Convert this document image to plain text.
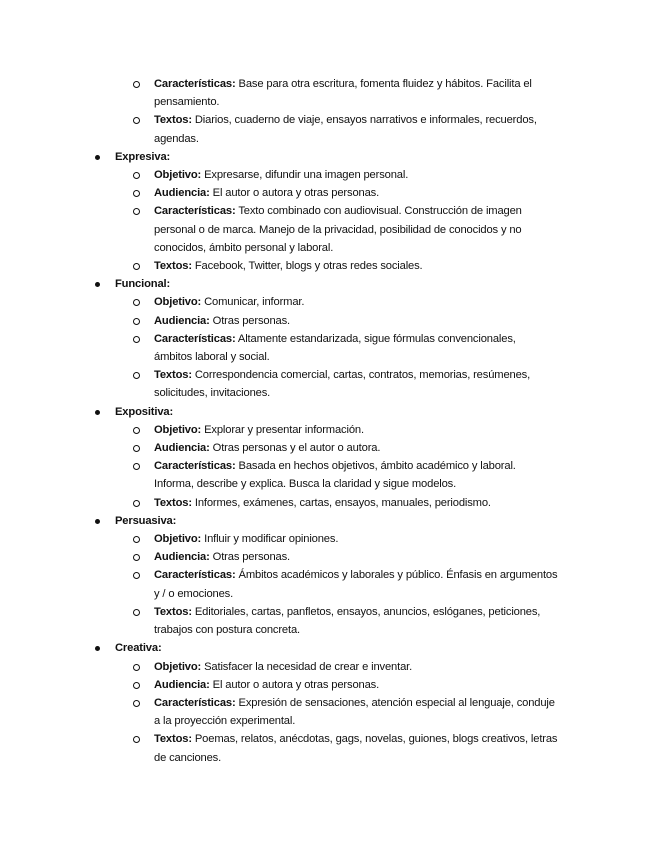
Características: Base para otra escritura, fomenta fluidez y hábitos. Facilita el
pensamiento.
Textos: Diarios, cuaderno de viaje, ensayos narrativos e informales, recuerdos,
agendas.
Expresiva:
Objetivo: Expresarse, difundir una imagen personal.
Audiencia: El autor o autora y otras personas.
Características: Texto combinado con audiovisual. Construcción de imagen
personal o de marca. Manejo de la privacidad, posibilidad de conocidos y no
conocidos, ámbito personal y laboral.
Textos: Facebook, Twitter, blogs y otras redes sociales.
Funcional:
Objetivo: Comunicar, informar.
Audiencia: Otras personas.
Características: Altamente estandarizada, sigue fórmulas convencionales,
ámbitos laboral y social.
Textos: Correspondencia comercial, cartas, contratos, memorias, resúmenes,
solicitudes, invitaciones.
Expositiva:
Objetivo: Explorar y presentar información.
Audiencia: Otras personas y el autor o autora.
Características: Basada en hechos objetivos, ámbito académico y laboral.
Informa, describe y explica. Busca la claridad y sigue modelos.
Textos: Informes, exámenes, cartas, ensayos, manuales, periodismo.
Persuasiva:
Objetivo: Influir y modificar opiniones.
Audiencia: Otras personas.
Características: Ámbitos académicos y laborales y público. Énfasis en argumentos
y / o emociones.
Textos: Editoriales, cartas, panfletos, ensayos, anuncios, eslóganes, peticiones,
trabajos con postura concreta.
Creativa:
Objetivo: Satisfacer la necesidad de crear e inventar.
Audiencia: El autor o autora y otras personas.
Características: Expresión de sensaciones, atención especial al lenguaje, conduje
a la proyección experimental.
Textos: Poemas, relatos, anécdotas, gags, novelas, guiones, blogs creativos, letras
de canciones.
